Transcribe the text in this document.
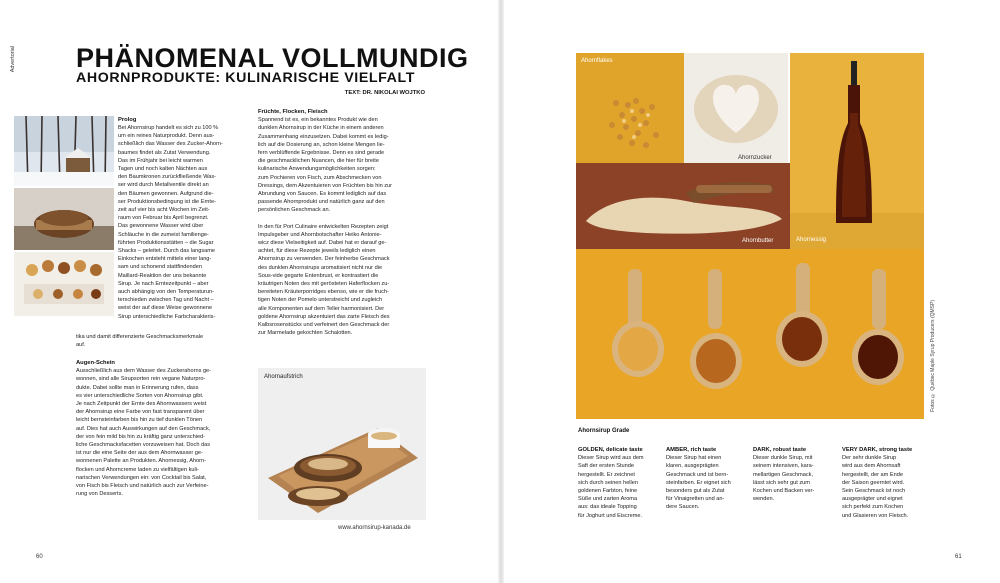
Advertorial PHÄNOMENAL VOLLMUNDIG
AHORNPRODUKTE: KULINARISCHE VIELFALT
TEXT: DR. NIKOLAI WOJTKO
Prolog

Bei Ahornsirup handelt es sich zu 100 %

um ein reines Naturprodukt. Denn aus-

schließlich das Wasser des Zucker-Ahorn-

baumes findet als Zutat Verwendung.

Das im Frühjahr bei leicht warmen

Tagen und noch kalten Nächten aus

den Baumkronen zurückfließende Was-

ser wird durch Metallventile direkt an

den Bäumen gewonnen. Aufgrund die-

ser Produktionsbedingung ist die Ernte-

zeit auf vier bis acht Wochen im Zeit-

raum von Februar bis April begrenzt.

Das gewonnene Wasser wird über

Schläuche in die zumeist familienge-

führten Produktionsstätten – die Sugar

Shacks – geleitet. Durch das langsame

Einkochen entsteht mittels einer lang-

sam und schonend stattfindenden

Maillard-Reaktion der uns bekannte

Sirup. Je nach Erntezeitpunkt – aber

auch abhängig von den Temperaturun-

terschieden zwischen Tag und Nacht –

weist der auf diese Weise gewonnene

Sirup unterschiedliche Farbcharakteris-

tika und damit differenzierte Geschmacksmerkmale

auf.

Augen-Schein

Ausschließlich aus dem Wasser des Zuckerahorns ge-

wonnen, sind alle Sirupsorten rein vegane Naturpro-

dukte. Dabei sollte man in Erinnerung rufen, dass

es vier unterschiedliche Sorten von Ahornsirup gibt.

Je nach Zeitpunkt der Ernte des Ahornwassers weist

der Ahornsirup eine Farbe von fast transparent über

leicht bernsteinfarben bis hin zu tief dunklen Tönen

auf. Dies hat auch Auswirkungen auf den Geschmack,

der von fein mild bis hin zu kräftig ganz unterschied-

liche Geschmacksfacetten vorzuweisen hat. Doch das

ist nur die eine Seite der aus dem Ahornwasser ge-

wonnenen Palette an Produkten. Ahornessig, Ahorn-

flocken und Ahorncreme laden zu vielfältigen kuli-

narischen Verwendungen ein: von Cocktail bis Salat,

von Fisch bis Fleisch und natürlich auch zur Verfeine-

rung von Desserts.

Früchte, Flocken, Fleisch

Spannend ist es, ein bekanntes Produkt wie den

dunklen Ahornsirup in der Küche in einem anderen

Zusammenhang einzusetzen. Dabei kommt es ledig-

lich auf die Dosierung an, schon kleine Mengen lie-

fern verblüffende Ergebnisse. Denn es sind gerade

die geschmacklichen Nuancen, die hier für breite

kulinarische Anwendungsmöglichkeiten sorgen:

zum Pochieren von Fisch, zum Abschmecken von

Dressings, dem Akzentuieren von Früchten bis hin zur

Abrundung von Saucen. Es kommt lediglich auf das

passende Ahornprodukt und natürlich ganz auf den

persönlichen Geschmack an.

In den für Port Culinaire entwickelten Rezepten zeigt

Impulsgeber und Ahornbotschafter Heiko Antonie-

wicz diese Vielseitigkeit auf. Dabei hat er darauf ge-

achtet, für diese Rezepte jeweils lediglich einen

Ahornsirup zu verwenden. Der feinherbe Geschmack

des dunklen Ahornsirups aromatisiert nicht nur die

Sous-vide gegarte Entenbrust, er kontrastiert die

kräutrigen Noten des mit gerösteten Haferflocken zu-

bereiteten Kräuterporridges ebenso, wie er die fruch-

tigen Noten der Pomelo unterstreicht und zugleich

alle Komponenten auf dem Teller harmonisiert. Der

goldene Ahornsirup akzentuiert das zarte Fleisch des

Kalbsrosenstücks und verfeinert den Geschmack der

zur Marmelade gekochten Schalotten.

Ahornaufstrich
www.ahornsirup-kanada.de
60
Ahornflakes
Ahornzucker
Ahornessig
Ahornbutter
Fotos © Québec Maple Syrup Producers (QMSP)
Ahornsirup Grade
GOLDEN, delicate taste

Dieser Sirup wird aus dem

Saft der ersten Stunde

hergestellt. Er zeichnet

sich durch seinen hellen

goldenen Farbton, feine

Süße und zarten Aroma

aus: das ideale Topping

für Joghurt und Eiscreme.

AMBER, rich taste

Dieser Sirup hat einen

klaren, ausgeprägten

Geschmack und ist bern-

steinfarben. Er eignet sich

besonders gut als Zutat

für Vinaigretten und an-

dere Saucen.

DARK, robust taste

Dieser dunkle Sirup, mit

seinem intensiven, kara-

mellartigen Geschmack,

lässt sich sehr gut zum

Kochen und Backen ver-

wenden.

VERY DARK, strong taste

Der sehr dunkle Sirup

wird aus dem Ahornsaft

hergestellt, der am Ende

der Saison geerntet wird.

Sein Geschmack ist noch

ausgeprägter und eignet

sich perfekt zum Kochen

und Glasieren von Fleisch.

61
